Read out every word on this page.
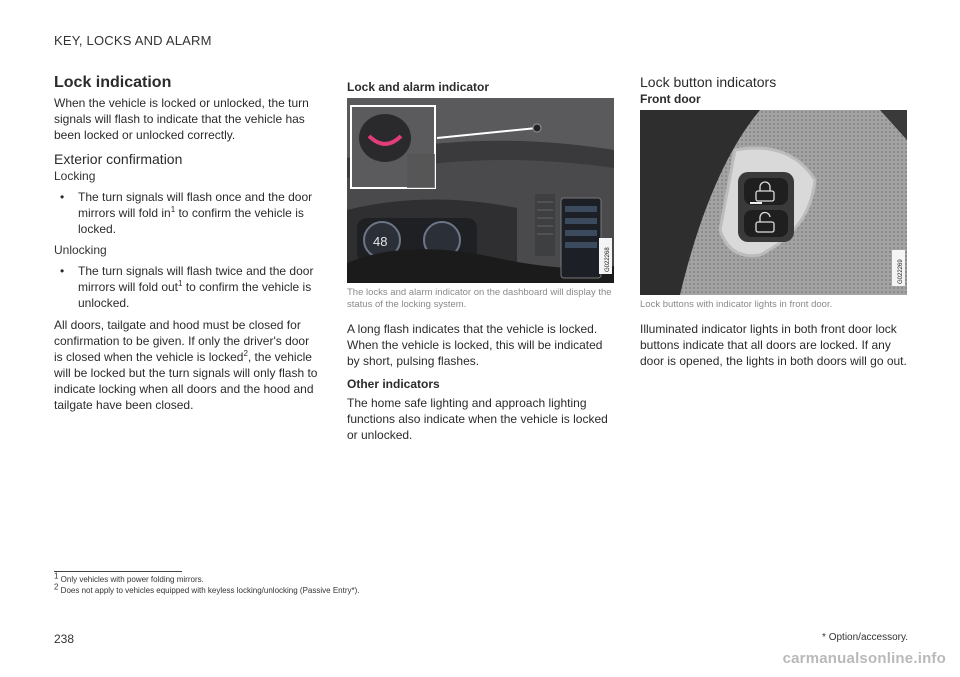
KEY, LOCKS AND ALARM
Lock indication

When the vehicle is locked or unlocked, the turn signals will flash to indicate that the vehicle has been locked or unlocked correctly.

Exterior confirmation
Locking
• The turn signals will flash once and the door mirrors will fold $in^1$ to confirm the vehicle is locked.
Unlocking
• The turn signals will flash twice and the door mirrors will fold out$^1$ to confirm the vehicle is unlocked.

All doors, tailgate and hood must be closed for confirmation to be given. If only the driver's door is closed when the vehicle is locked$^2$, the vehicle will be locked but the turn signals will only flash to indicate locking when all doors and the hood and tailgate have been closed.

Lock and alarm indicator
48
G022268
The locks and alarm indicator on the dashboard will display the status of the locking system.

A long flash indicates that the vehicle is locked. When the vehicle is locked, this will be indicated by short, pulsing flashes.

Other indicators

The home safe lighting and approach lighting functions also indicate when the vehicle is locked or unlocked.

Lock button indicators
Front door
G022269
Lock buttons with indicator lights in front door.

Illuminated indicator lights in both front door lock buttons indicate that all doors are locked. If any door is opened, the lights in both doors will go out.

$^1$ Only vehicles with power folding mirrors.
$^2$ Does not apply to vehicles equipped with keyless locking/unlocking (Passive Entry*).
238	* Option/accessory.
carmanualsonline.info
